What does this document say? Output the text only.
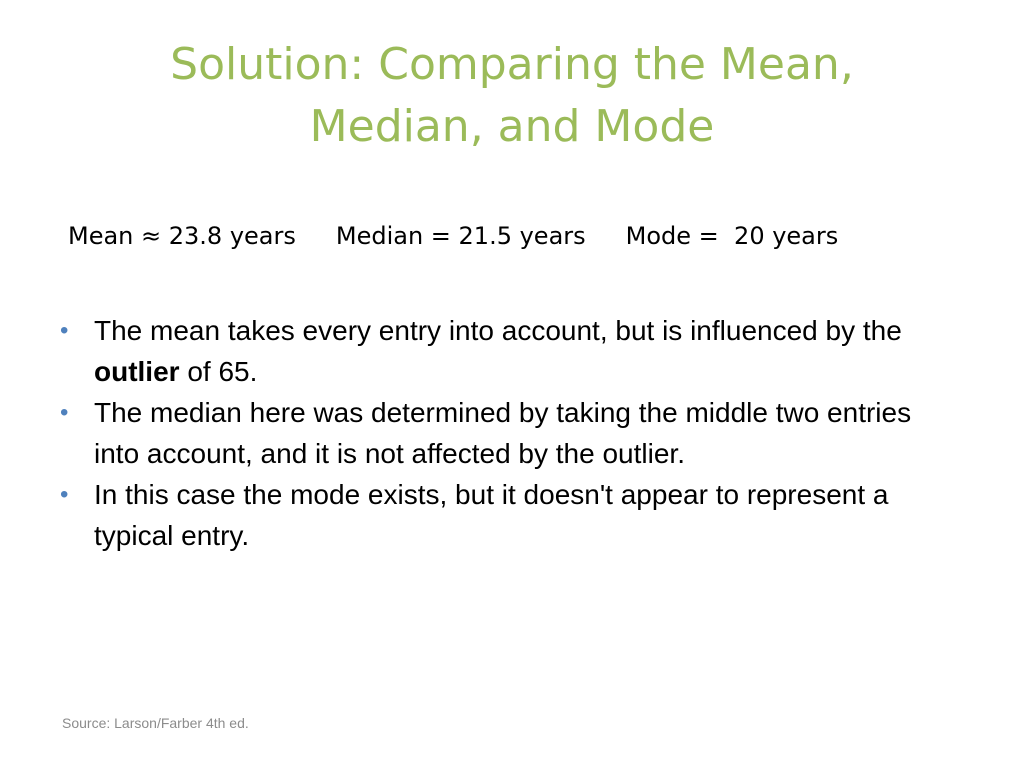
Solution: Comparing the Mean,
Median, and Mode
Mean ≈ 23.8 years Median = 21.5 years Mode =  20 years
• The mean takes every entry into account, but is influenced by the outlier of 65.
• The median here was determined by taking the middle two entries into account, and it is not affected by the outlier.
• In this case the mode exists, but it doesn't appear to represent a typical entry.
Source: Larson/Farber 4th ed.
